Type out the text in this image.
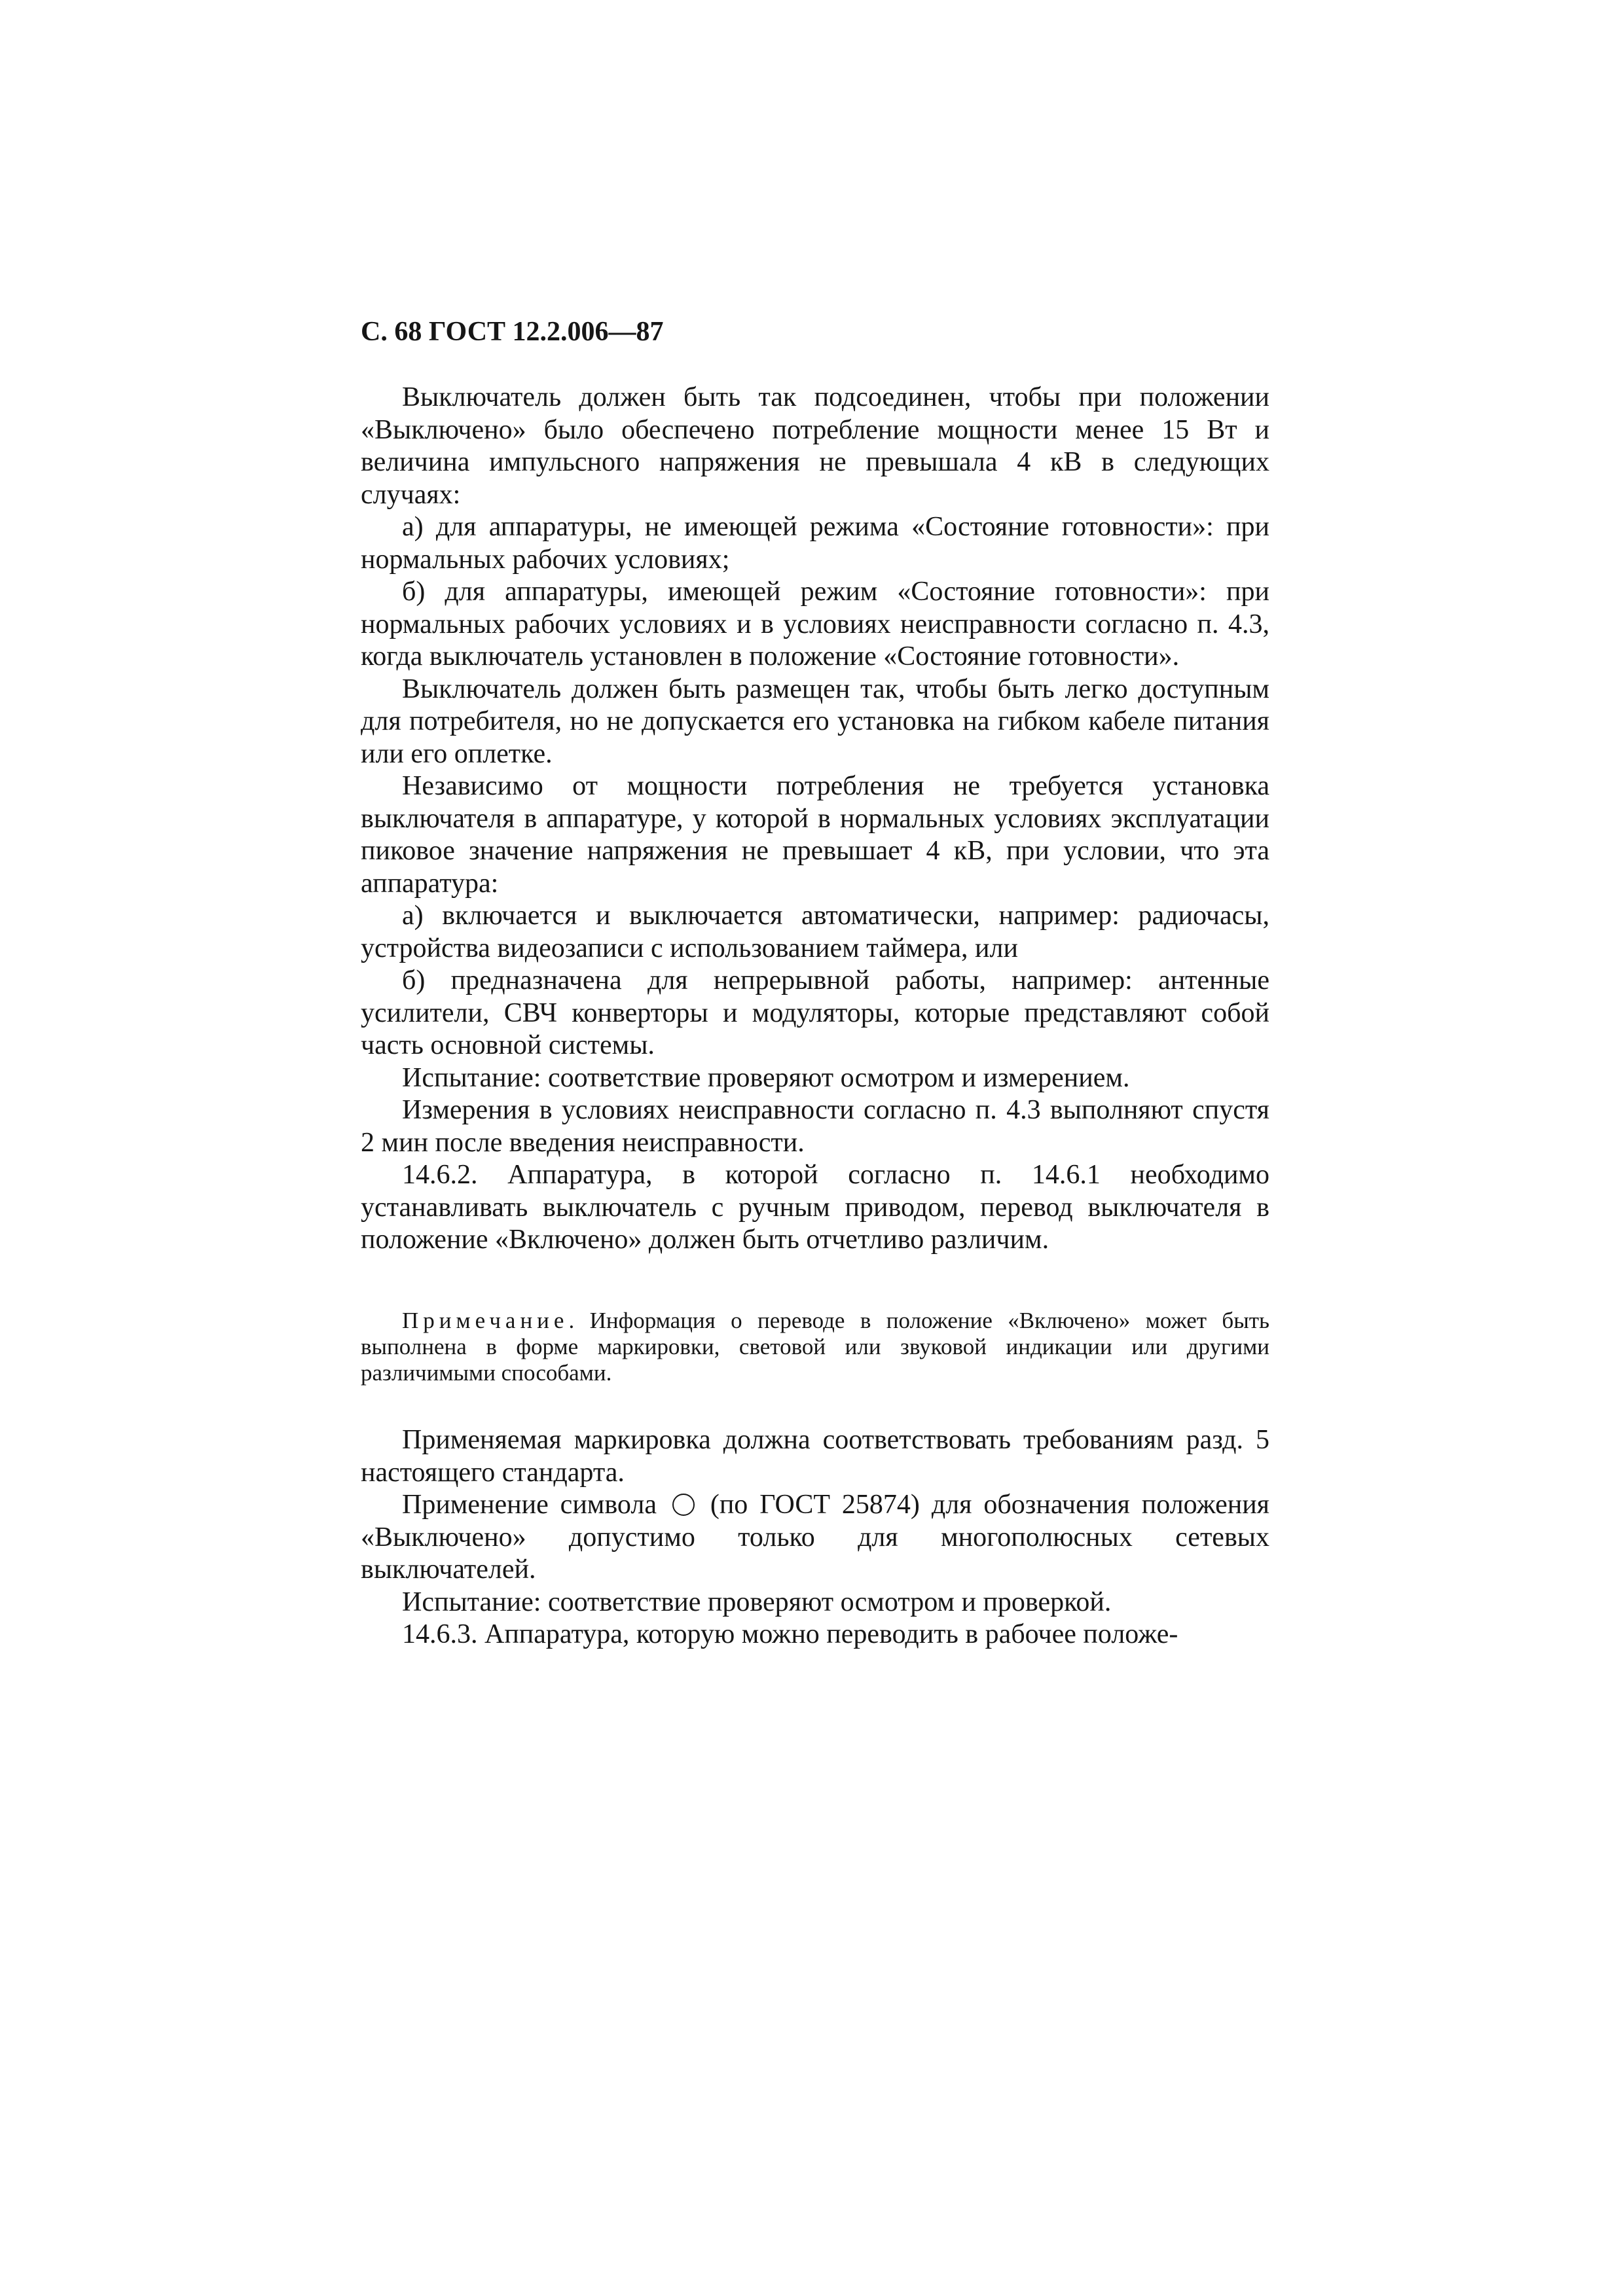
С. 68 ГОСТ 12.2.006—87

Выключатель должен быть так подсоединен, чтобы при положении «Выключено» было обеспечено потребление мощности менее 15 Вт и величина импульсного напряжения не превышала 4 кВ в следующих случаях:

а) для аппаратуры, не имеющей режима «Состояние готовности»: при нормальных рабочих условиях;

б) для аппаратуры, имеющей режим «Состояние готовности»: при нормальных рабочих условиях и в условиях неисправности согласно п. 4.3, когда выключатель установлен в положение «Состояние готовности».

Выключатель должен быть размещен так, чтобы быть легко доступным для потребителя, но не допускается его установка на гибком кабеле питания или его оплетке.

Независимо от мощности потребления не требуется установка выключателя в аппаратуре, у которой в нормальных условиях эксплуатации пиковое значение напряжения не превышает 4 кВ, при условии, что эта аппаратура:

а) включается и выключается автоматически, например: радиочасы, устройства видеозаписи с использованием таймера, или

б) предназначена для непрерывной работы, например: антенные усилители, СВЧ конверторы и модуляторы, которые представляют собой часть основной системы.

Испытание: соответствие проверяют осмотром и измерением.

Измерения в условиях неисправности согласно п. 4.3 выполняют спустя 2 мин после введения неисправности.

14.6.2. Аппаратура, в которой согласно п. 14.6.1 необходимо устанавливать выключатель с ручным приводом, перевод выключателя в положение «Включено» должен быть отчетливо различим.

Примечание. Информация о переводе в положение «Включено» может быть выполнена в форме маркировки, световой или звуковой индикации или другими различимыми способами.

Применяемая маркировка должна соответствовать требованиям разд. 5 настоящего стандарта.

Применение символа  (по ГОСТ 25874) для обозначения положения «Выключено» допустимо только для многополюсных сетевых выключателей.

Испытание: соответствие проверяют осмотром и проверкой.

14.6.3. Аппаратура, которую можно переводить в рабочее положе-
